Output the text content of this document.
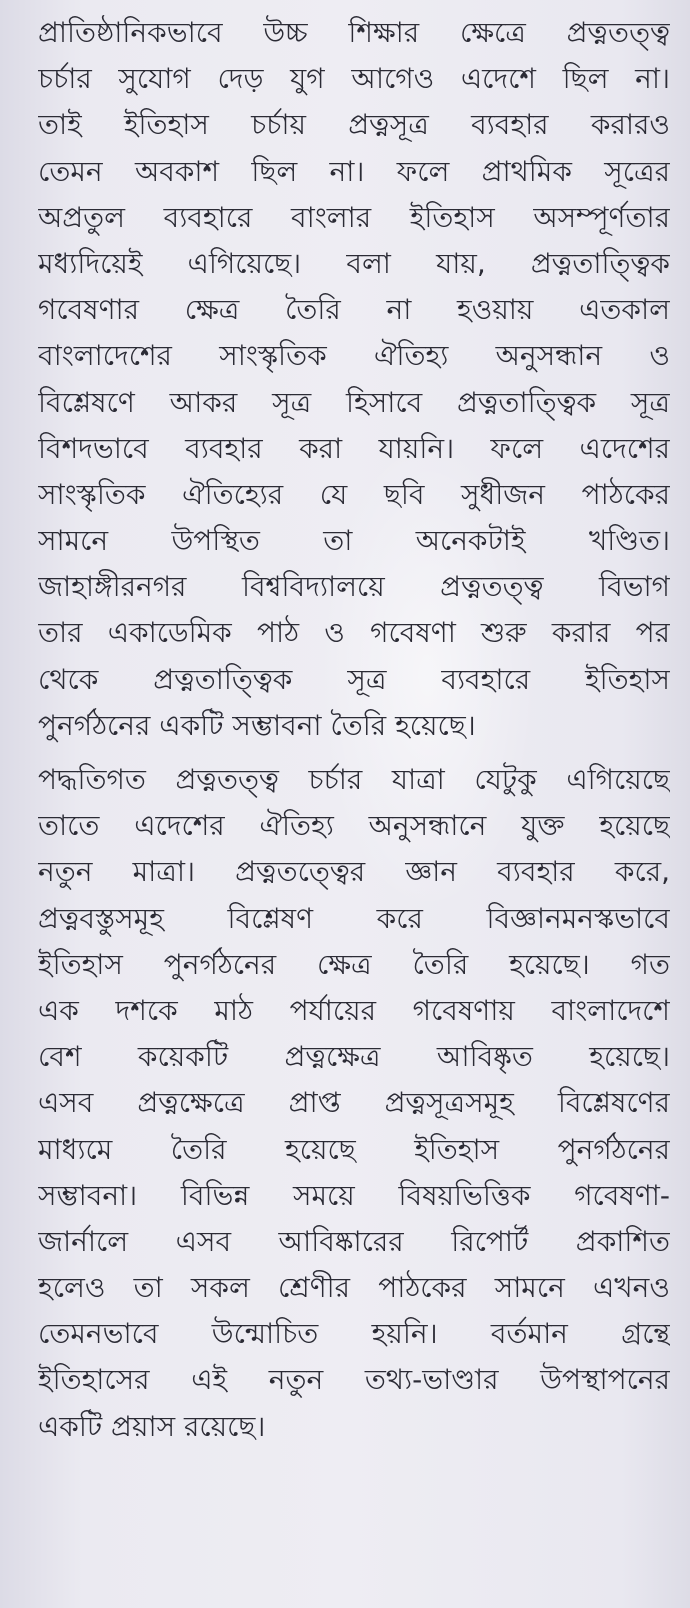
প্রাতিষ্ঠানিকভাবে উচ্চ শিক্ষার ক্ষেত্রে প্রত্নতত্ত্ব
চর্চার সুযোগ দেড় যুগ আগেও এদেশে ছিল না।
তাই ইতিহাস চর্চায় প্রত্নসূত্র ব্যবহার করারও
তেমন অবকাশ ছিল না। ফলে প্রাথমিক সূত্রের
অপ্রতুল ব্যবহারে বাংলার ইতিহাস অসম্পূর্ণতার
মধ্যদিয়েই এগিয়েছে। বলা যায়, প্রত্নতাত্ত্বিক
গবেষণার ক্ষেত্র তৈরি না হওয়ায় এতকাল
বাংলাদেশের সাংস্কৃতিক ঐতিহ্য অনুসন্ধান ও
বিশ্লেষণে আকর সূত্র হিসাবে প্রত্নতাত্ত্বিক সূত্র
বিশদভাবে ব্যবহার করা যায়নি। ফলে এদেশের
সাংস্কৃতিক ঐতিহ্যের যে ছবি সুধীজন পাঠকের
সামনে উপস্থিত তা অনেকটাই খণ্ডিত।
জাহাঙ্গীরনগর বিশ্ববিদ্যালয়ে প্রত্নতত্ত্ব বিভাগ
তার একাডেমিক পাঠ ও গবেষণা শুরু করার পর
থেকে প্রত্নতাত্ত্বিক সূত্র ব্যবহারে ইতিহাস
পুনর্গঠনের একটি সম্ভাবনা তৈরি হয়েছে।
পদ্ধতিগত প্রত্নতত্ত্ব চর্চার যাত্রা যেটুকু এগিয়েছে
তাতে এদেশের ঐতিহ্য অনুসন্ধানে যুক্ত হয়েছে
নতুন মাত্রা। প্রত্নতত্ত্বের জ্ঞান ব্যবহার করে,
প্রত্নবস্তুসমূহ বিশ্লেষণ করে বিজ্ঞানমনস্কভাবে
ইতিহাস পুনর্গঠনের ক্ষেত্র তৈরি হয়েছে। গত
এক দশকে মাঠ পর্যায়ের গবেষণায় বাংলাদেশে
বেশ কয়েকটি প্রত্নক্ষেত্র আবিষ্কৃত হয়েছে।
এসব প্রত্নক্ষেত্রে প্রাপ্ত প্রত্নসূত্রসমূহ বিশ্লেষণের
মাধ্যমে তৈরি হয়েছে ইতিহাস পুনর্গঠনের
সম্ভাবনা। বিভিন্ন সময়ে বিষয়ভিত্তিক গবেষণা-
জার্নালে এসব আবিষ্কারের রিপোর্ট প্রকাশিত
হলেও তা সকল শ্রেণীর পাঠকের সামনে এখনও
তেমনভাবে উন্মোচিত হয়নি। বর্তমান গ্রন্থে
ইতিহাসের এই নতুন তথ্য-ভাণ্ডার উপস্থাপনের
একটি প্রয়াস রয়েছে।
